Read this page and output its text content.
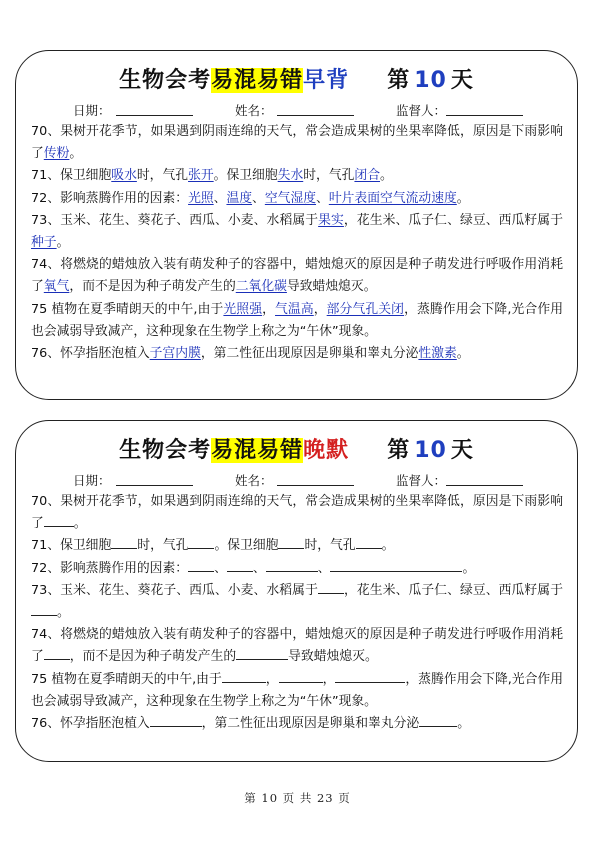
生物会考易混易错早背 第 10 天
日期：	姓名：	监督人：

70、果树开花季节，如果遇到阴雨连绵的天气，常会造成果树的坐果率降低，原因是下雨影响了传粉。

71、保卫细胞吸水时，气孔张开。保卫细胞失水时，气孔闭合。

72、影响蒸腾作用的因素：光照、温度、空气湿度、叶片表面空气流动速度。

73、玉米、花生、葵花子、西瓜、小麦、水稻属于果实，花生米、瓜子仁、绿豆、西瓜籽属于种子。

74、将燃烧的蜡烛放入装有萌发种子的容器中，蜡烛熄灭的原因是种子萌发进行呼吸作用消耗了氧气，而不是因为种子萌发产生的二氧化碳导致蜡烛熄灭。

75 植物在夏季晴朗天的中午,由于光照强，气温高，部分气孔关闭，蒸腾作用会下降,光合作用也会减弱导致减产，这种现象在生物学上称之为“午休”现象。

76、怀孕指胚泡植入子宫内膜，第二性征出现原因是卵巢和睾丸分泌性激素。

生物会考易混易错晚默 第 10 天
日期：	姓名：	监督人：

70、果树开花季节，如果遇到阴雨连绵的天气，常会造成果树的坐果率降低，原因是下雨影响了 。

71、保卫细胞 时，气孔 。保卫细胞 时，气孔 。

72、影响蒸腾作用的因素： 、 、	、	。

73、玉米、花生、葵花子、西瓜、小麦、水稻属于 ，花生米、瓜子仁、绿豆、西瓜籽属于。

74、将燃烧的蜡烛放入装有萌发种子的容器中，蜡烛熄灭的原因是种子萌发进行呼吸作用消耗了 ，而不是因为种子萌发产生的	导致蜡烛熄灭。

75 植物在夏季晴朗天的中午,由于	，	，	，蒸腾作用会下降,光合作用也会减弱导致减产，这种现象在生物学上称之为“午休”现象。

76、怀孕指胚泡植入	，第二性征出现原因是卵巢和睾丸分泌	。

第 10 页 共 23 页
